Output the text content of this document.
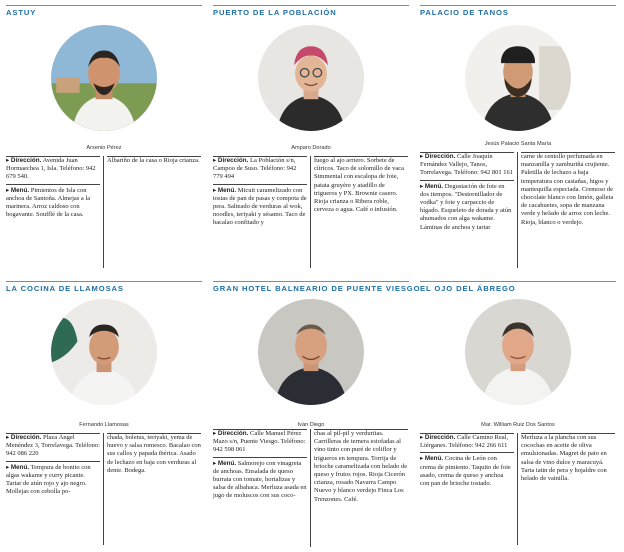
ASTUY
Arsenio Pérez

▸ Dirección. Avenida Juan Hormaechea 1, Isla. Teléfono: 942 679 540.

▸ Menú. Pimientos de Isla con anchoa de Santoña. Almejas a la marinera. Arroz caldoso con bogavante. Soufflé de la casa.

Albariño de la casa o Rioja crianza.

PUERTO DE LA POBLACIÓN
Amparo Dorado

▸ Dirección. La Población s/n, Campoo de Suso. Teléfono: 942 779 494

▸ Menú. Micuit caramelizado con tostas de pan de pasas y compota de pera. Salteado de verduras al wok, noodles, teriyaki y sésamo. Taco de bacalao confitado y

fuego al ajo arriero. Sorbete de cítricos. Taco de solomillo de vaca Simmental con escalopa de foie, patata gruyère y atadillo de trigueros y PX. Brownie casero. Rioja crianza o Ribera roble, cerveza o agua. Café o infusión.

PALACIO DE TANOS
Jesús Palacio Santa María

▸ Dirección. Calle Joaquín Fernández Vallejo, Tanos, Torrelavega. Teléfono: 942 801 161

▸ Menú. Degustación de foie en dos tiempos. "Destornillador de vodka" y foie y carpaccio de hígado. Esqueleto de dorada y atún ahumados con alga wakame. Láminas de anchoa y tartar

carne de centollo perfumada en manzanilla y zamburiña crujiente. Paletilla de lechazo a baja temperatura con castañas, higos y mantequilla especiada. Cremoso de chocolate blanco con limón, galleta de cacahuetes, sopa de manzana verde y helado de arroz con leche. Rioja, blanco o verdejo.

LA COCINA DE LLAMOSAS
Fernando Llamosas

▸ Dirección. Plaza Ángel Menéndez 3, Torrelavega. Teléfono: 942 086 220

▸ Menú. Tempura de bonito con algas wakame y curry picante. Tartar de atún rojo y ajo negro. Mollejas con cebolla po-

chada, boletus, teriyaki, yema de huevo y salsa romesco. Bacalao con sus callos y papada ibérica. Asado de lechazo en baja con verduras al dente. Bodega.

GRAN HOTEL BALNEARIO DE PUENTE VIESGO
Iván Diego

▸ Dirección. Calle Manuel Pérez Mazo s/n, Puente Viesgo. Teléfono: 942 598 061

▸ Menú. Salmorejo con vinagreta de anchoas. Ensalada de queso burrata con tomate, hortalizas y salsa de albahaca. Merluza asada en jugo de moluscos con sus coco-

chas al pil-pil y verduritas. Carrilleras de ternera estofadas al vino tinto con puré de coliflor y trigueros en tempura. Torrija de brioche caramelizada con helado de queso y frutos rojos. Rioja Cicerón crianza, rosado Navarra Campo Nuevo y blanco verdejo Finca Los Trenzones. Café.

EL OJO DEL ÁBREGO
Mar. William Ruiz Dos Santos

▸ Dirección. Calle Camino Real, Liérganes. Teléfono: 942 266 611

▸ Menú. Cocina de León con crema de pimiento. Taquito de foie asado, crema de queso y anchoa con pan de brioche tostado.

Merluza a la plancha con sus cocochas en aceite de oliva emulsionadas. Magret de pato en salsa de vino dulce y maracuyá. Tarta tatin de pera y hojaldre con helado de vainilla.
